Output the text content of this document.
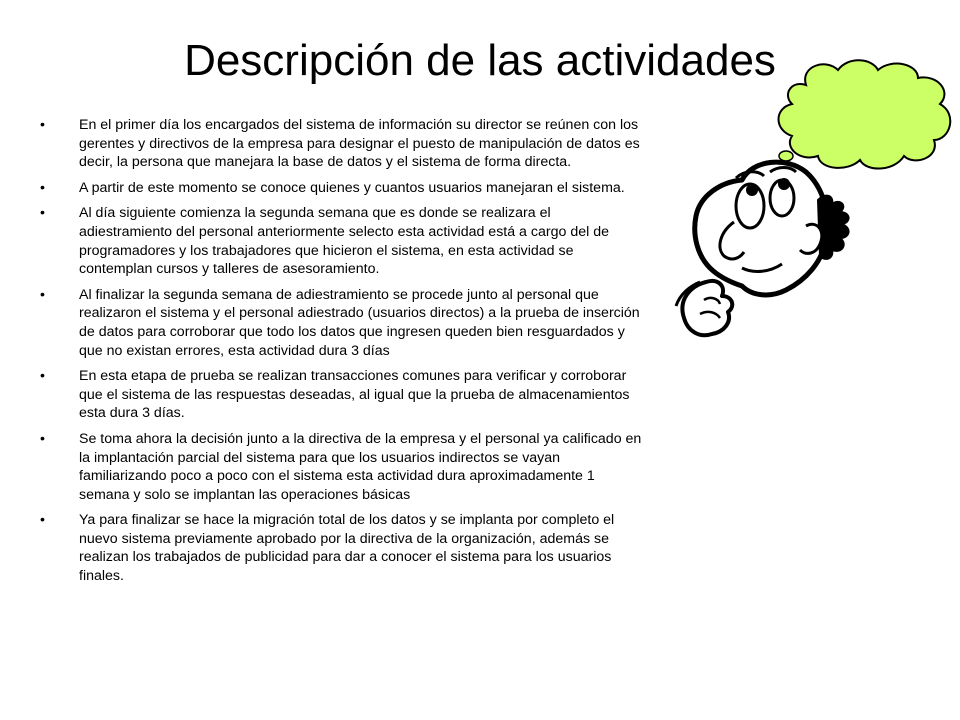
Descripción de las actividades
• En el primer día los encargados del sistema de información su director se reúnen con los gerentes y directivos de la empresa para designar el puesto de manipulación de datos es decir, la persona que manejara la base de datos y el sistema de forma directa.
• A partir de este momento se conoce quienes y cuantos usuarios manejaran el sistema.
• Al día siguiente comienza la segunda semana que es donde se realizara el adiestramiento del personal anteriormente selecto esta actividad está a cargo del de programadores y los trabajadores que hicieron el sistema, en esta actividad se contemplan cursos y talleres de asesoramiento.
• Al finalizar la segunda semana de adiestramiento se procede junto al personal que realizaron el sistema y el personal adiestrado (usuarios directos) a la prueba de inserción de datos para corroborar que todo los datos que ingresen queden bien resguardados y que no existan errores, esta actividad dura 3 días
• En esta etapa de prueba se realizan transacciones comunes para verificar y corroborar que el sistema de las respuestas deseadas, al igual que la prueba de almacenamientos esta dura 3 días.
• Se toma ahora la decisión junto a la directiva de la empresa y el personal ya calificado en la implantación parcial del sistema para que los usuarios indirectos se vayan familiarizando poco a poco con el sistema esta actividad dura aproximadamente 1 semana y solo se implantan las operaciones básicas
• Ya para finalizar se hace la migración total de los datos y se implanta por completo el nuevo sistema previamente aprobado por la directiva de la organización, además se realizan los trabajados de publicidad para dar a conocer el sistema para los usuarios finales.
